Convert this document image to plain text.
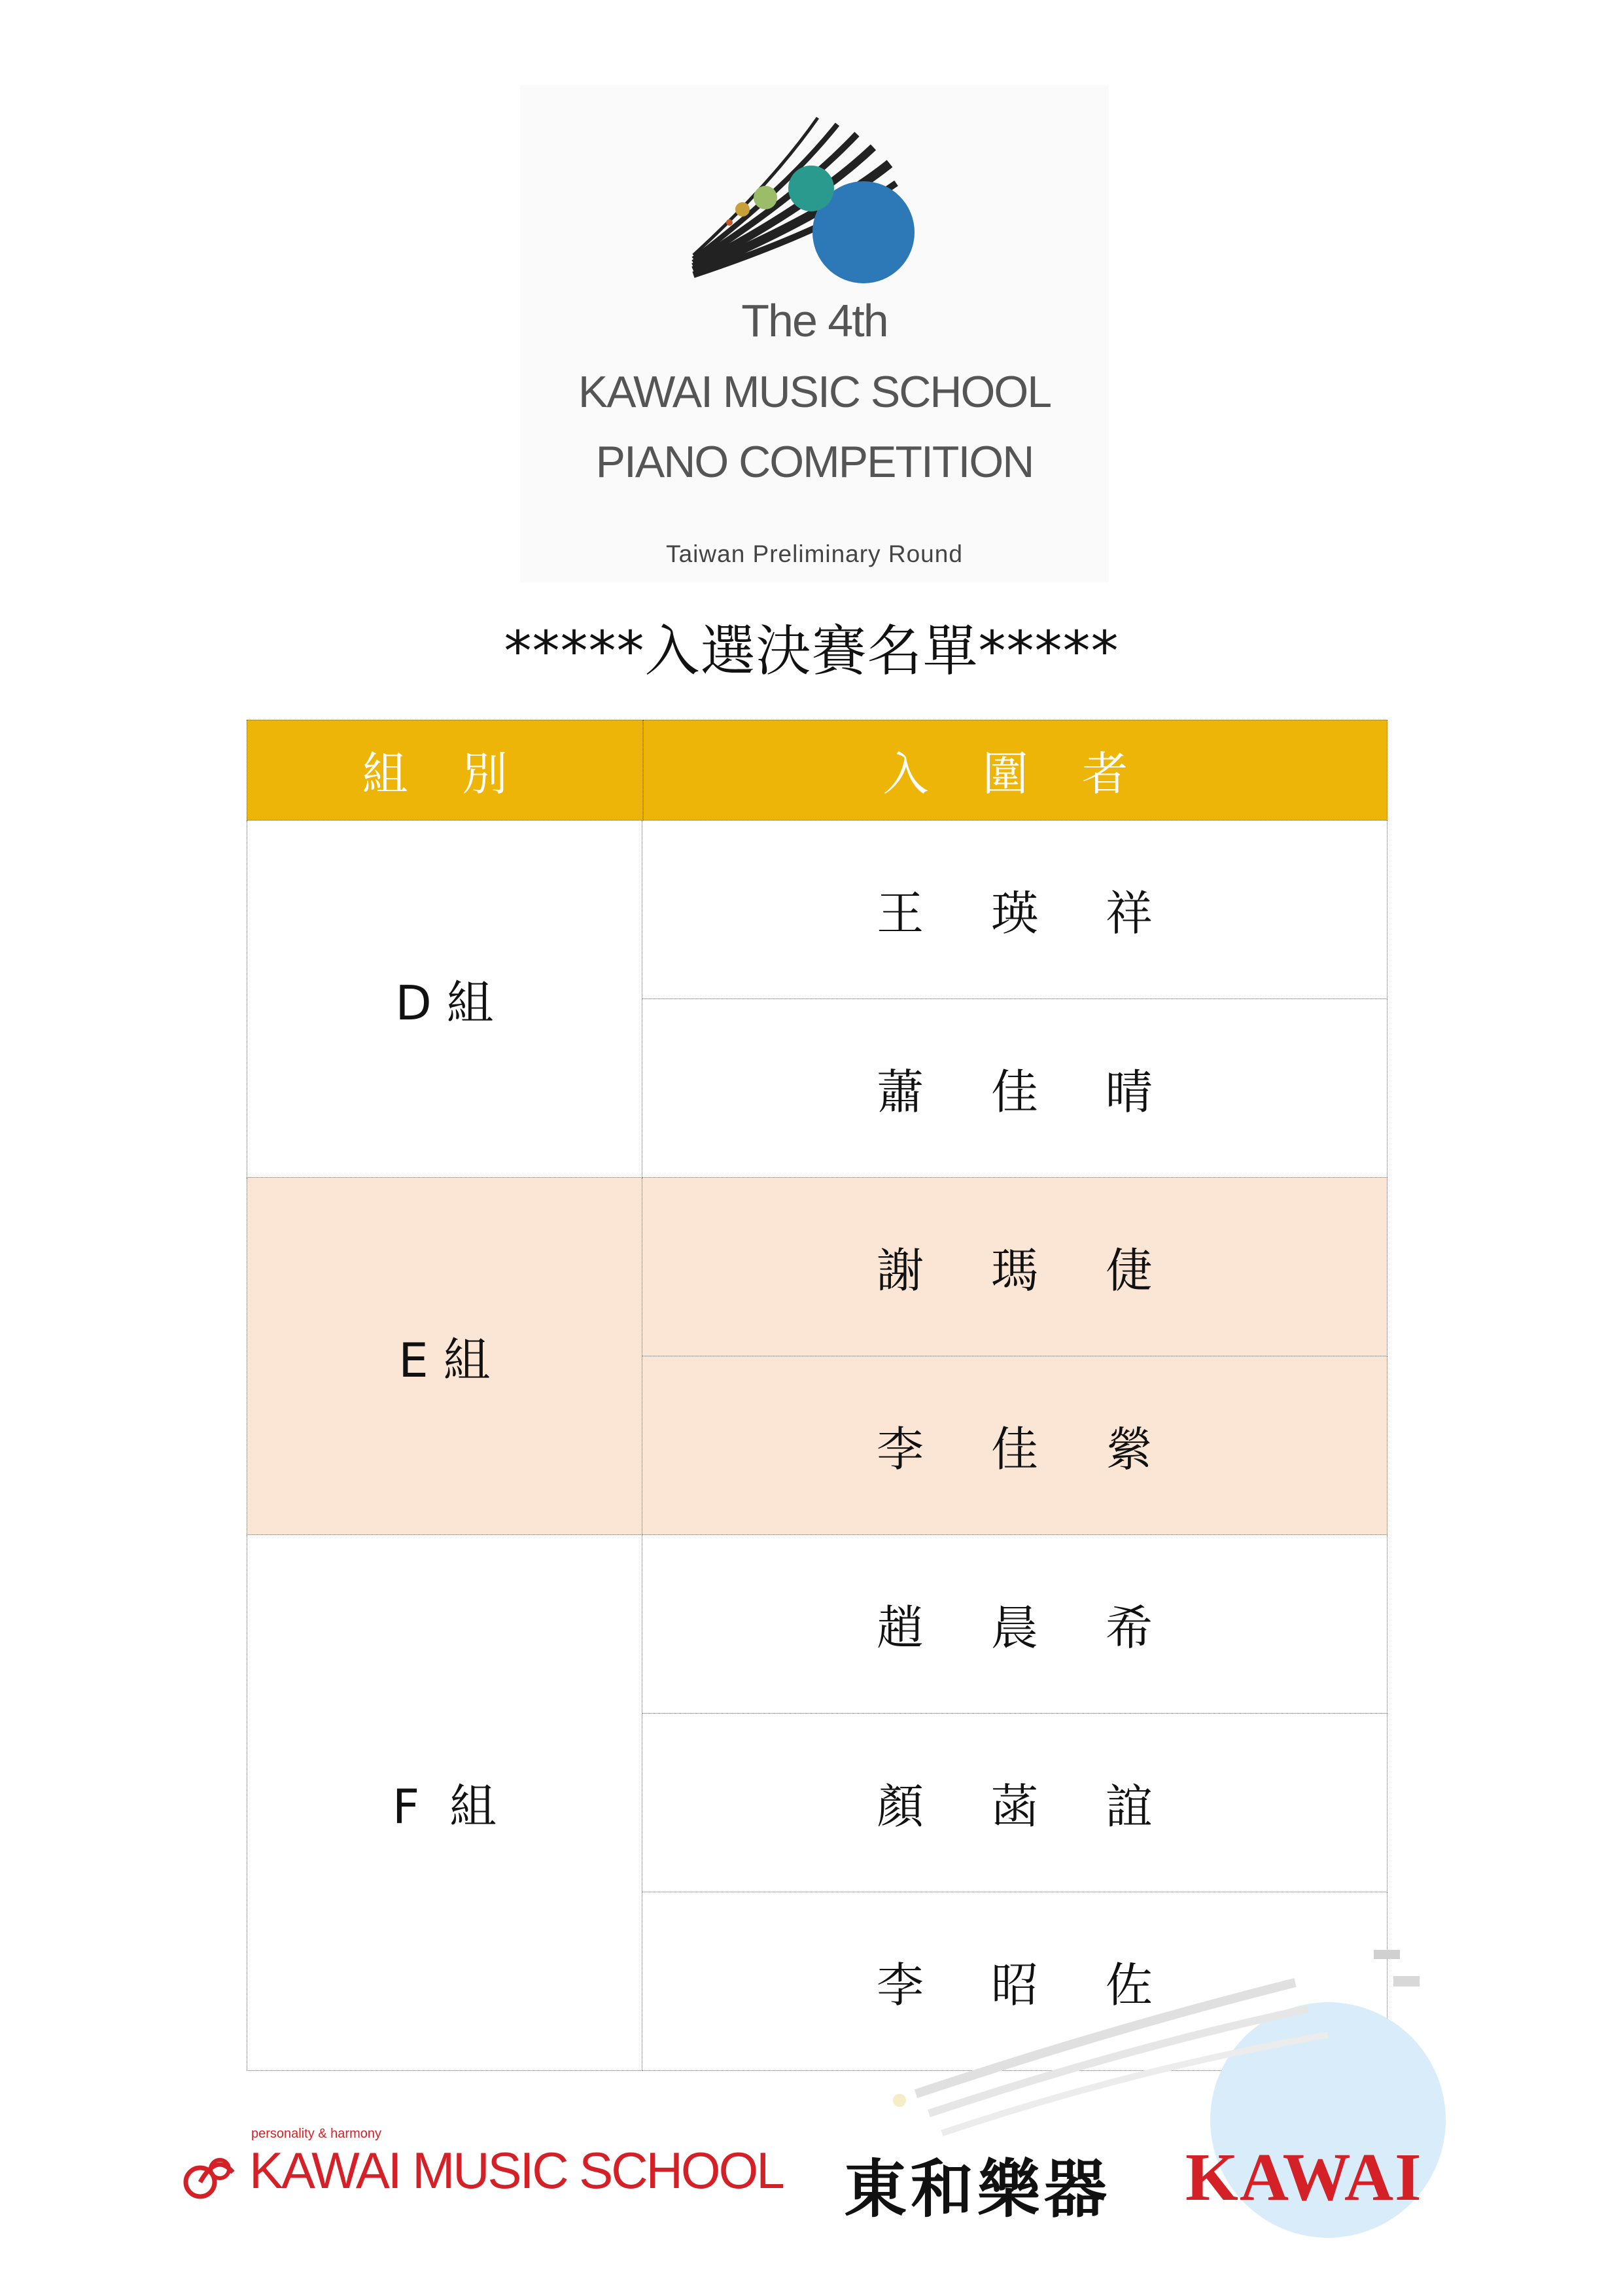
The 4th
KAWAI MUSIC SCHOOL
PIANO COMPETITION
Taiwan Preliminary Round
*****入選決賽名單*****
組 別	入 圍 者
D 組
王 瑛 祥
蕭 佳 晴
E 組
謝 瑪 倢
李 佳 縈
F  組
趙 晨 希
顏 菡 誼
李 昭 佐
personality & harmony
KAWAI MUSIC SCHOOL 東和樂器 KAWAI
